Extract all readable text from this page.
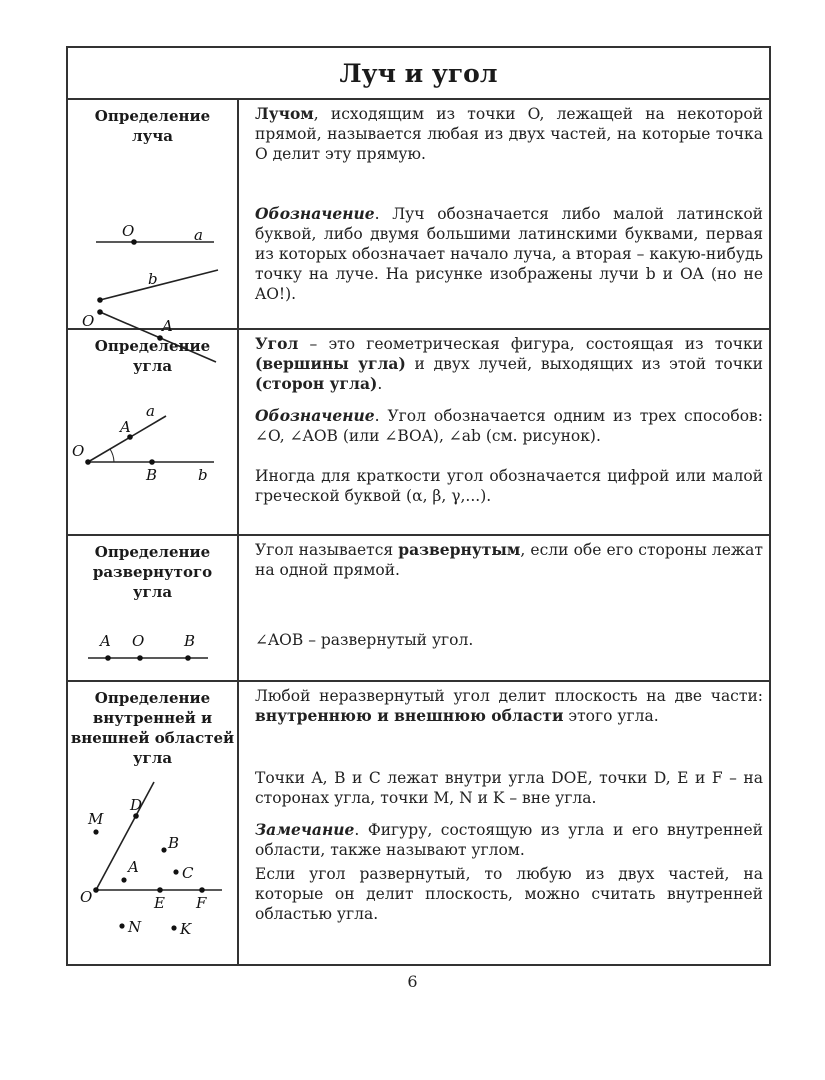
Луч и угол
Определение
луча
O	a
b
O	A

Лучом, исходящим из точки O, лежащей на некоторой прямой, называется любая из двух частей, на которые точка O делит эту прямую.

Обозначение. Луч обозначается либо малой латинской буквой, либо двумя большими латинскими буквами, первая из которых обозначает начало луча, а вторая – какую-нибудь точку на луче. На рисунке изображены лучи b и OA (но не AO!).

Определение
угла
a
A
O
B	b

Угол – это геометрическая фигура, состоящая из точки (вершины угла) и двух лучей, выходящих из этой точки (сторон угла).

Обозначение. Угол обозначается одним из трех способов: ∠O, ∠AOB (или ∠BOA), ∠ab (см. рисунок).

Иногда для краткости угол обозначается цифрой или малой греческой буквой (α, β, γ,...).

Определение
развернутого
угла
A O	B

Угол называется развернутым, если обе его стороны лежат на одной прямой.

∠AOB – развернутый угол.

Определение
внутренней и
внешней областей
угла
M
D
B
A	C
O	E F
N	K

Любой неразвернутый угол делит плоскость на две части: внутреннюю и внешнюю области этого угла.

Точки A, B и C лежат внутри угла DOE, точки D, E и F – на сторонах угла, точки M, N и K – вне угла.

Замечание. Фигуру, состоящую из угла и его внутренней области, также называют углом.

Если угол развернутый, то любую из двух частей, на которые он делит плоскость, можно считать внутренней областью угла.

6
